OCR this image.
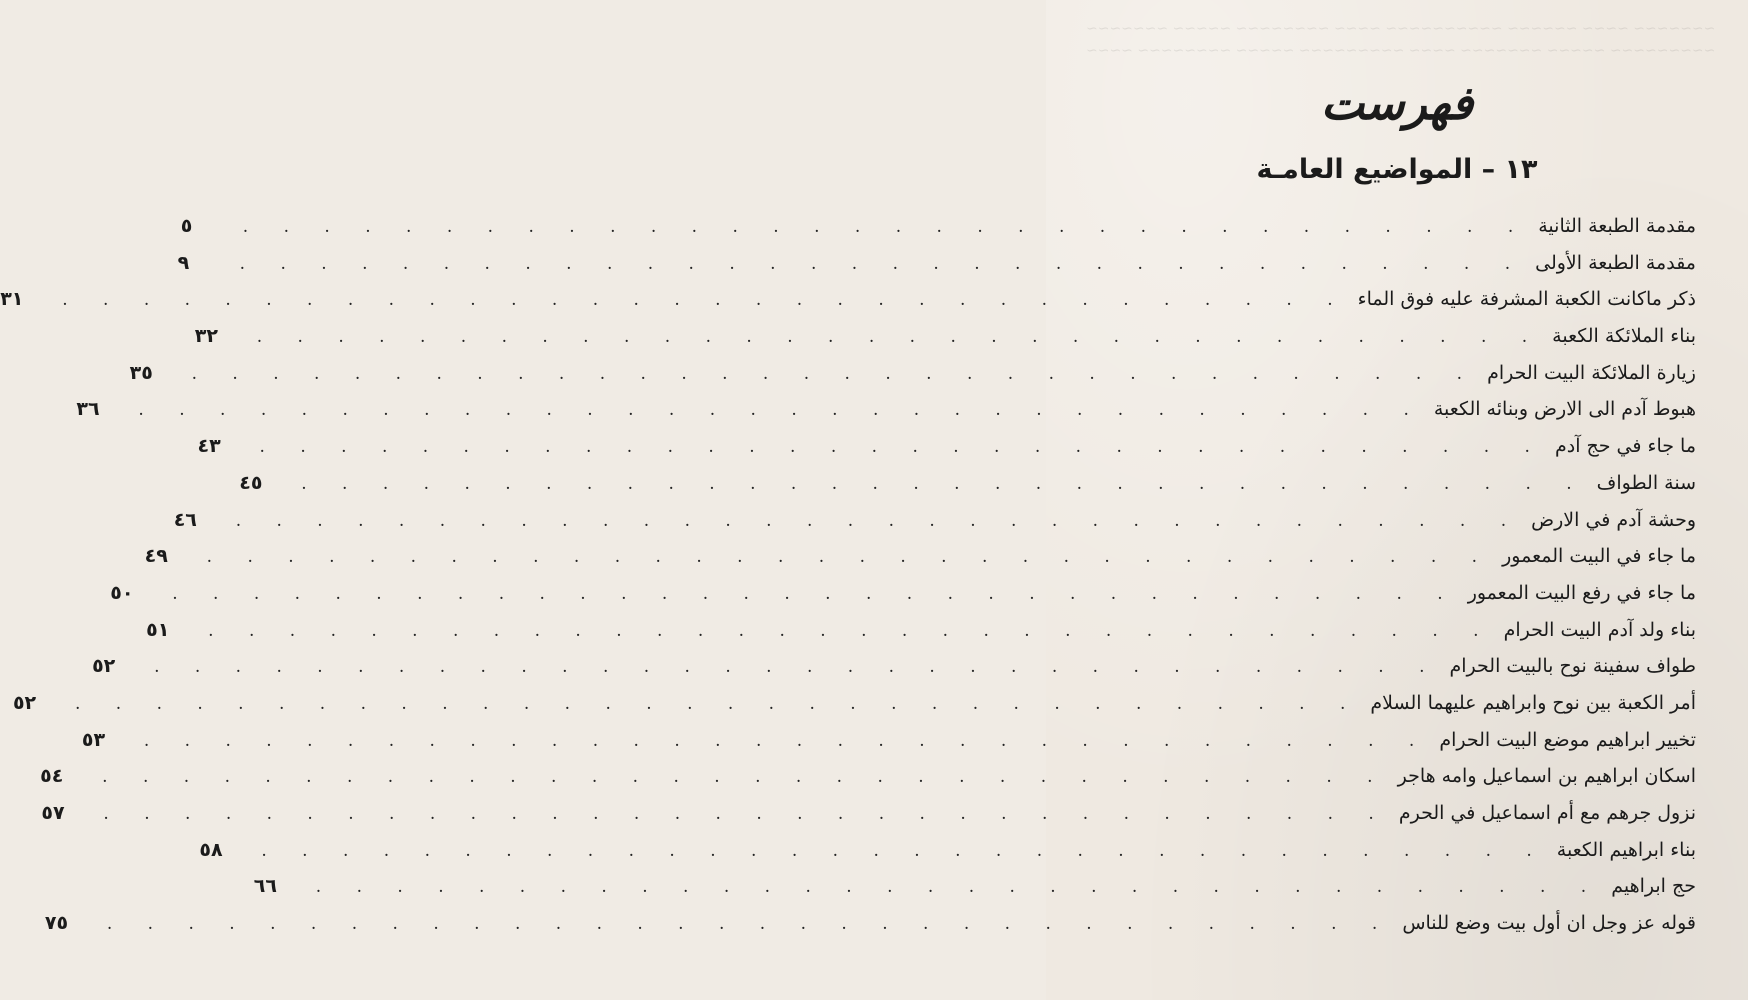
~~~~~~~ ~~~~~ ~~~~~~~~ ~~~~ ~~~~~~~~~~ ~~~~~~ ~~~~ ~~~~~~~
~~~~ ~~~~~~~~ ~~~~~ ~~~~~~~~~ ~~~~ ~~~~~~~ ~~~~~ ~~~~~~~~~
فهرست
١٣ – المواضيع العامـة
مقدمة الطبعة الثانية
. . . . . . . . . . . . . . . . . . . . . . . . . . . . . . . .
٥
مقدمة الطبعة الأولى
. . . . . . . . . . . . . . . . . . . . . . . . . . . . . . . .
٩
ذكر ماكانت الكعبة المشرفة عليه فوق الماء
. . . . . . . . . . . . . . . . . . . . . . . . . . . . . . . .
٣١
بناء الملائكة الكعبة
. . . . . . . . . . . . . . . . . . . . . . . . . . . . . . . .
٣٢
زيارة الملائكة البيت الحرام
. . . . . . . . . . . . . . . . . . . . . . . . . . . . . . . .
٣٥
هبوط آدم الى الارض وبنائه الكعبة
. . . . . . . . . . . . . . . . . . . . . . . . . . . . . . . .
٣٦
ما جاء في حج آدم
. . . . . . . . . . . . . . . . . . . . . . . . . . . . . . . .
٤٣
سنة الطواف
. . . . . . . . . . . . . . . . . . . . . . . . . . . . . . . .
٤٥
وحشة آدم في الارض
. . . . . . . . . . . . . . . . . . . . . . . . . . . . . . . .
٤٦
ما جاء في البيت المعمور
. . . . . . . . . . . . . . . . . . . . . . . . . . . . . . . .
٤٩
ما جاء في رفع البيت المعمور
. . . . . . . . . . . . . . . . . . . . . . . . . . . . . . . .
٥٠
بناء ولد آدم البيت الحرام
. . . . . . . . . . . . . . . . . . . . . . . . . . . . . . . .
٥١
طواف سفينة نوح بالبيت الحرام
. . . . . . . . . . . . . . . . . . . . . . . . . . . . . . . .
٥٢
أمر الكعبة بين نوح وابراهيم عليهما السلام
. . . . . . . . . . . . . . . . . . . . . . . . . . . . . . . .
٥٢
تخيير ابراهيم موضع البيت الحرام
. . . . . . . . . . . . . . . . . . . . . . . . . . . . . . . .
٥٣
اسكان ابراهيم بن اسماعيل وامه هاجر
. . . . . . . . . . . . . . . . . . . . . . . . . . . . . . . .
٥٤
نزول جرهم مع أم اسماعيل في الحرم
. . . . . . . . . . . . . . . . . . . . . . . . . . . . . . . .
٥٧
بناء ابراهيم الكعبة
. . . . . . . . . . . . . . . . . . . . . . . . . . . . . . . .
٥٨
حج ابراهيم
. . . . . . . . . . . . . . . . . . . . . . . . . . . . . . . .
٦٦
قوله عز وجل ان أول بيت وضع للناس
. . . . . . . . . . . . . . . . . . . . . . . . . . . . . . . .
٧٥
